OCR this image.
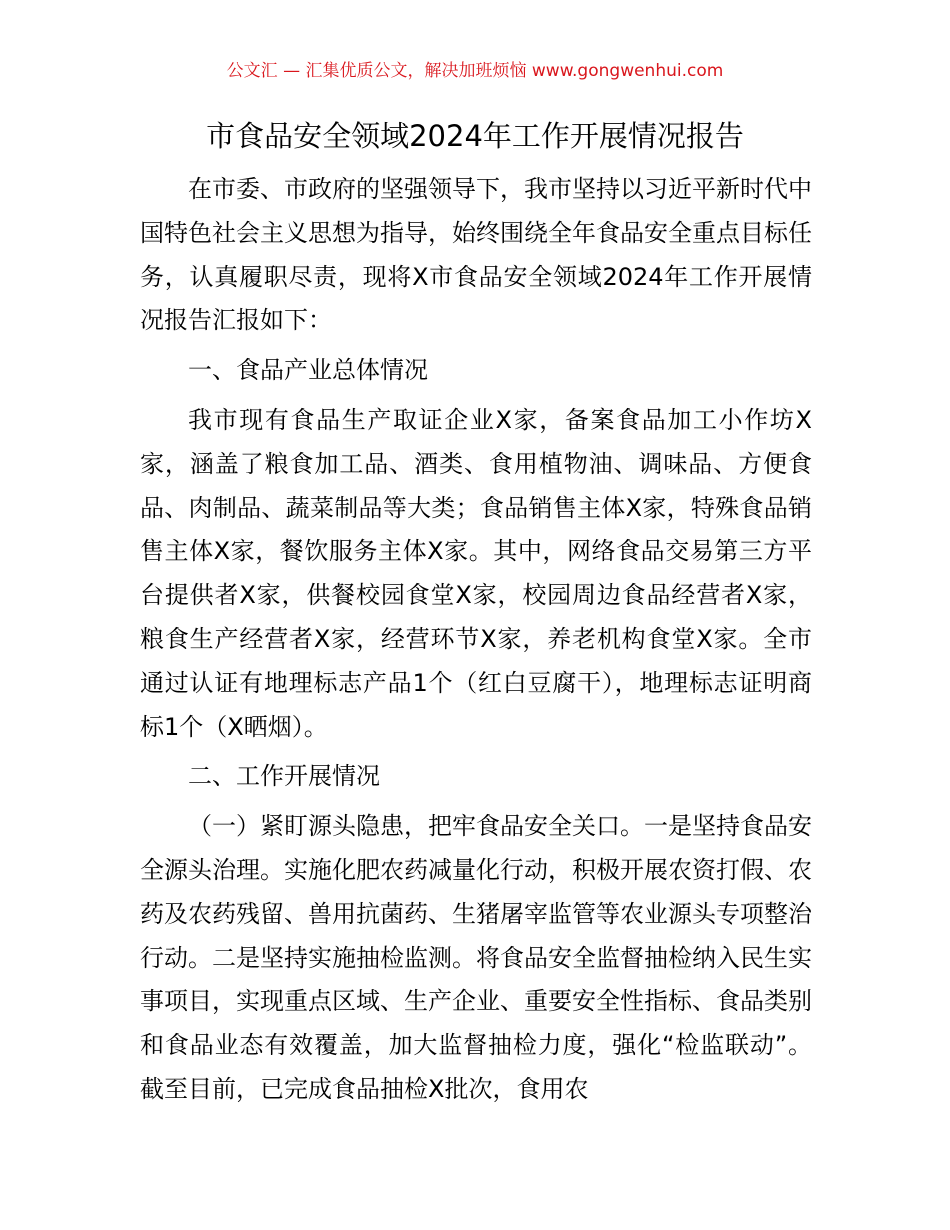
公文汇 — 汇集优质公文，解决加班烦恼 www.gongwenhui.com
市食品安全领域2024年工作开展情况报告

在市委、市政府的坚强领导下，我市坚持以习近平新时代中国特色社会主义思想为指导，始终围绕全年食品安全重点目标任务，认真履职尽责，现将X市食品安全领域2024年工作开展情况报告汇报如下：

一、食品产业总体情况

我市现有食品生产取证企业X家，备案食品加工小作坊X家，涵盖了粮食加工品、酒类、食用植物油、调味品、方便食品、肉制品、蔬菜制品等大类；食品销售主体X家，特殊食品销售主体X家，餐饮服务主体X家。其中，网络食品交易第三方平台提供者X家，供餐校园食堂X家，校园周边食品经营者X家，粮食生产经营者X家，经营环节X家，养老机构食堂X家。全市通过认证有地理标志产品1个（红白豆腐干），地理标志证明商标1个（X晒烟）。

二、工作开展情况

（一）紧盯源头隐患，把牢食品安全关口。一是坚持食品安全源头治理。实施化肥农药减量化行动，积极开展农资打假、农药及农药残留、兽用抗菌药、生猪屠宰监管等农业源头专项整治行动。二是坚持实施抽检监测。将食品安全监督抽检纳入民生实事项目，实现重点区域、生产企业、重要安全性指标、食品类别和食品业态有效覆盖，加大监督抽检力度，强化“检监联动”。截至目前，已完成食品抽检X批次，食用农
